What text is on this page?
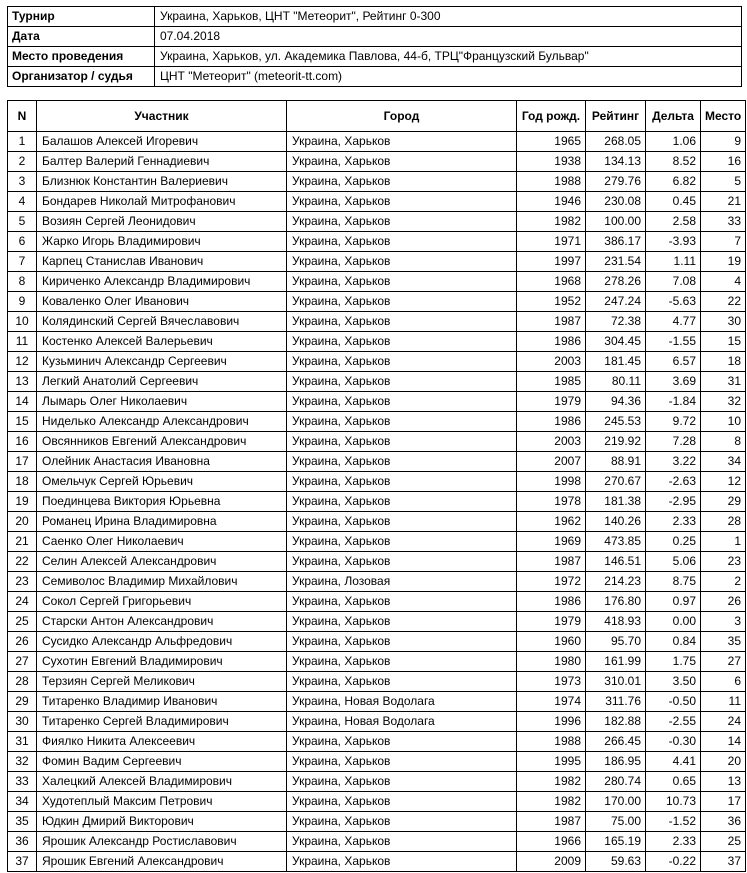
Турнир	Украина, Харьков, ЦНТ "Метеорит", Рейтинг 0-300
Дата	07.04.2018
Место проведения	Украина, Харьков, ул. Академика Павлова, 44-б, ТРЦ"Французский Бульвар"
Организатор / судья	ЦНТ "Метеорит" (meteorit-tt.com)
N	Участник	Город	Год рожд.	Рейтинг	Дельта	Место
1	Балашов Алексей Игоревич	Украина, Харьков	1965	268.05	1.06	9
2	Балтер Валерий Геннадиевич	Украина, Харьков	1938	134.13	8.52	16
3	Близнюк Константин Валериевич	Украина, Харьков	1988	279.76	6.82	5
4	Бондарев Николай Митрофанович	Украина, Харьков	1946	230.08	0.45	21
5	Возиян Сергей Леонидович	Украина, Харьков	1982	100.00	2.58	33
6	Жарко Игорь Владимирович	Украина, Харьков	1971	386.17	-3.93	7
7	Карпец Станислав Иванович	Украина, Харьков	1997	231.54	1.11	19
8	Кириченко Александр Владимирович	Украина, Харьков	1968	278.26	7.08	4
9	Коваленко Олег Иванович	Украина, Харьков	1952	247.24	-5.63	22
10	Колядинский Сергей Вячеславович	Украина, Харьков	1987	72.38	4.77	30
11	Костенко Алексей Валерьевич	Украина, Харьков	1986	304.45	-1.55	15
12	Кузьминич Александр Сергеевич	Украина, Харьков	2003	181.45	6.57	18
13	Легкий Анатолий Сергеевич	Украина, Харьков	1985	80.11	3.69	31
14	Лымарь Олег Николаевич	Украина, Харьков	1979	94.36	-1.84	32
15	Ниделько Александр Александрович	Украина, Харьков	1986	245.53	9.72	10
16	Овсянников Евгений Александрович	Украина, Харьков	2003	219.92	7.28	8
17	Олейник Анастасия Ивановна	Украина, Харьков	2007	88.91	3.22	34
18	Омельчук Сергей Юрьевич	Украина, Харьков	1998	270.67	-2.63	12
19	Поединцева Виктория Юрьевна	Украина, Харьков	1978	181.38	-2.95	29
20	Романец Ирина Владимировна	Украина, Харьков	1962	140.26	2.33	28
21	Саенко Олег Николаевич	Украина, Харьков	1969	473.85	0.25	1
22	Селин Алексей Александрович	Украина, Харьков	1987	146.51	5.06	23
23	Семиволос Владимир Михайлович	Украина, Лозовая	1972	214.23	8.75	2
24	Сокол Сергей Григорьевич	Украина, Харьков	1986	176.80	0.97	26
25	Старски Антон Александрович	Украина, Харьков	1979	418.93	0.00	3
26	Сусидко Александр Альфредович	Украина, Харьков	1960	95.70	0.84	35
27	Сухотин Евгений Владимирович	Украина, Харьков	1980	161.99	1.75	27
28	Терзиян Сергей Меликович	Украина, Харьков	1973	310.01	3.50	6
29	Титаренко Владимир Иванович	Украина, Новая Водолага	1974	311.76	-0.50	11
30	Титаренко Сергей Владимирович	Украина, Новая Водолага	1996	182.88	-2.55	24
31	Фиялко Никита Алексеевич	Украина, Харьков	1988	266.45	-0.30	14
32	Фомин Вадим Сергеевич	Украина, Харьков	1995	186.95	4.41	20
33	Халецкий Алексей Владимирович	Украина, Харьков	1982	280.74	0.65	13
34	Худотеплый Максим Петрович	Украина, Харьков	1982	170.00	10.73	17
35	Юдкин Дмирий Викторович	Украина, Харьков	1987	75.00	-1.52	36
36	Ярошик Александр Ростиславович	Украина, Харьков	1966	165.19	2.33	25
37	Ярошик Евгений Александрович	Украина, Харьков	2009	59.63	-0.22	37
